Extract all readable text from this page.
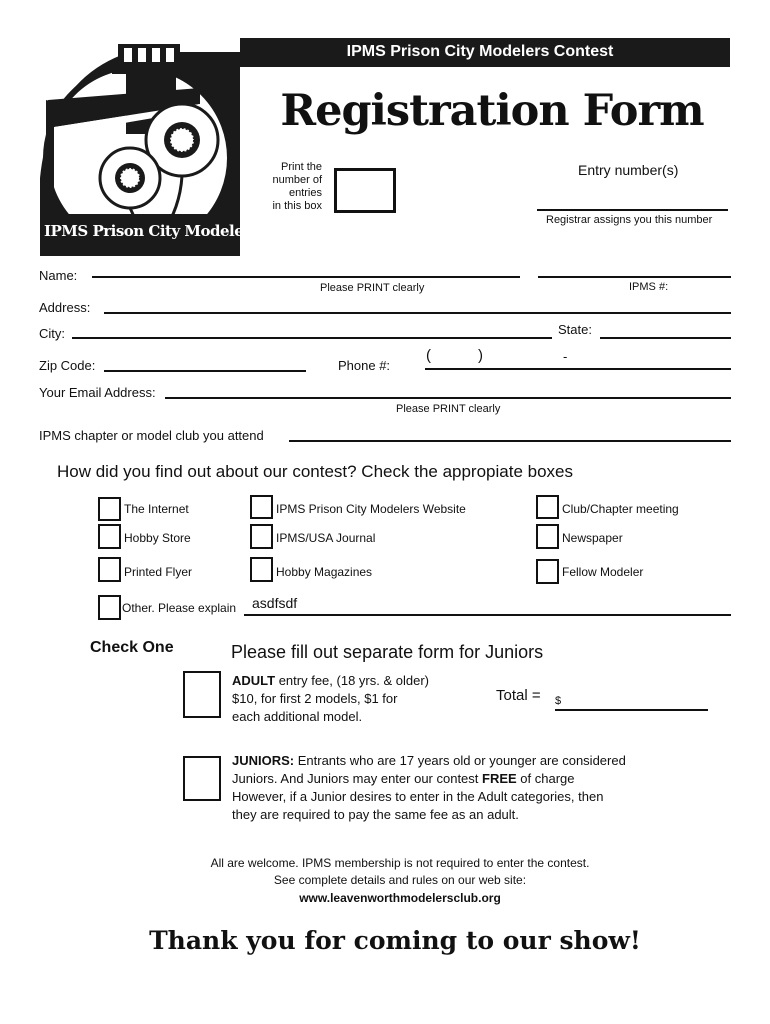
IPMS Prison City Modelers Contest
IPMS Prison City Modelers
Registration Form
Print the
number of
entries
in this box
Entry number(s)
Registrar assigns you this number
Name:
Please PRINT clearly	IPMS #:
Address:
City:	State:
Zip Code:	Phone #:
(	)	-
Your Email Address:
Please PRINT clearly
IPMS chapter or model club you attend
How did you find out about our contest? Check the appropiate boxes
The Internet	IPMS Prison City Modelers Website	Club/Chapter meeting
Hobby Store	IPMS/USA Journal	Newspaper
Printed Flyer	Hobby Magazines	Fellow Modeler
Other. Please explain asdfsdf
Check One	Please fill out separate form for Juniors
ADULT entry fee, (18 yrs. & older)
$10, for first 2 models, $1 for
each additional model.
Total = $
JUNIORS: Entrants who are 17 years old or younger are considered
Juniors. And Juniors may enter our contest FREE of charge
However, if a Junior desires to enter in the Adult categories, then
they are required to pay the same fee as an adult.
All are welcome. IPMS membership is not required to enter the contest.
See complete details and rules on our web site:
www.leavenworthmodelersclub.org
Thank you for coming to our show!
